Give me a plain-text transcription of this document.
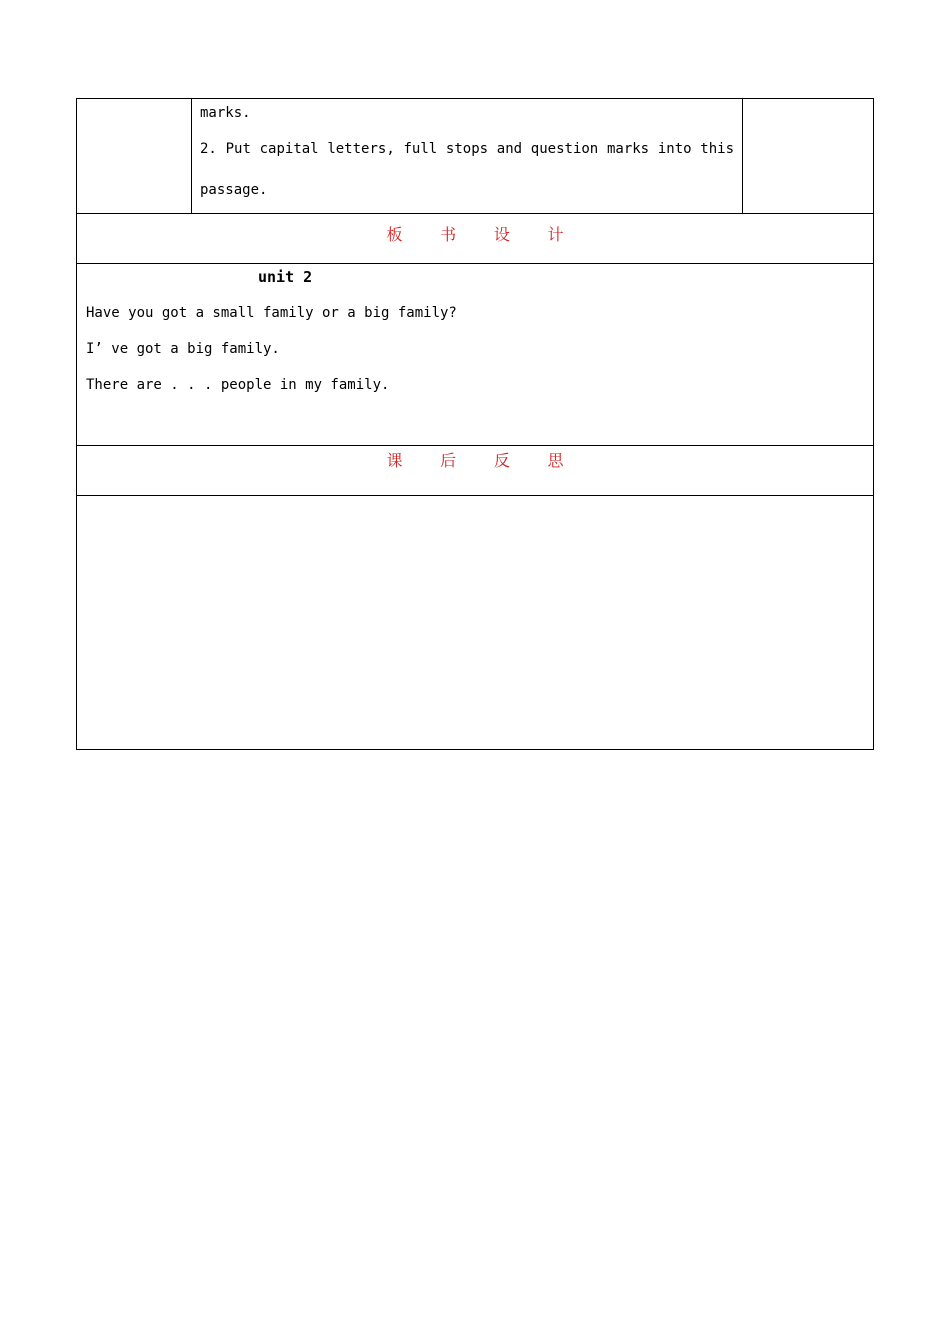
marks.
2. Put capital letters, full stops and question marks into this
passage.

板 书 设 计

unit 2
Have you got a small family or a big family?
I’ ve got a big family.
There are . . . people in my family.

课 后 反 思
